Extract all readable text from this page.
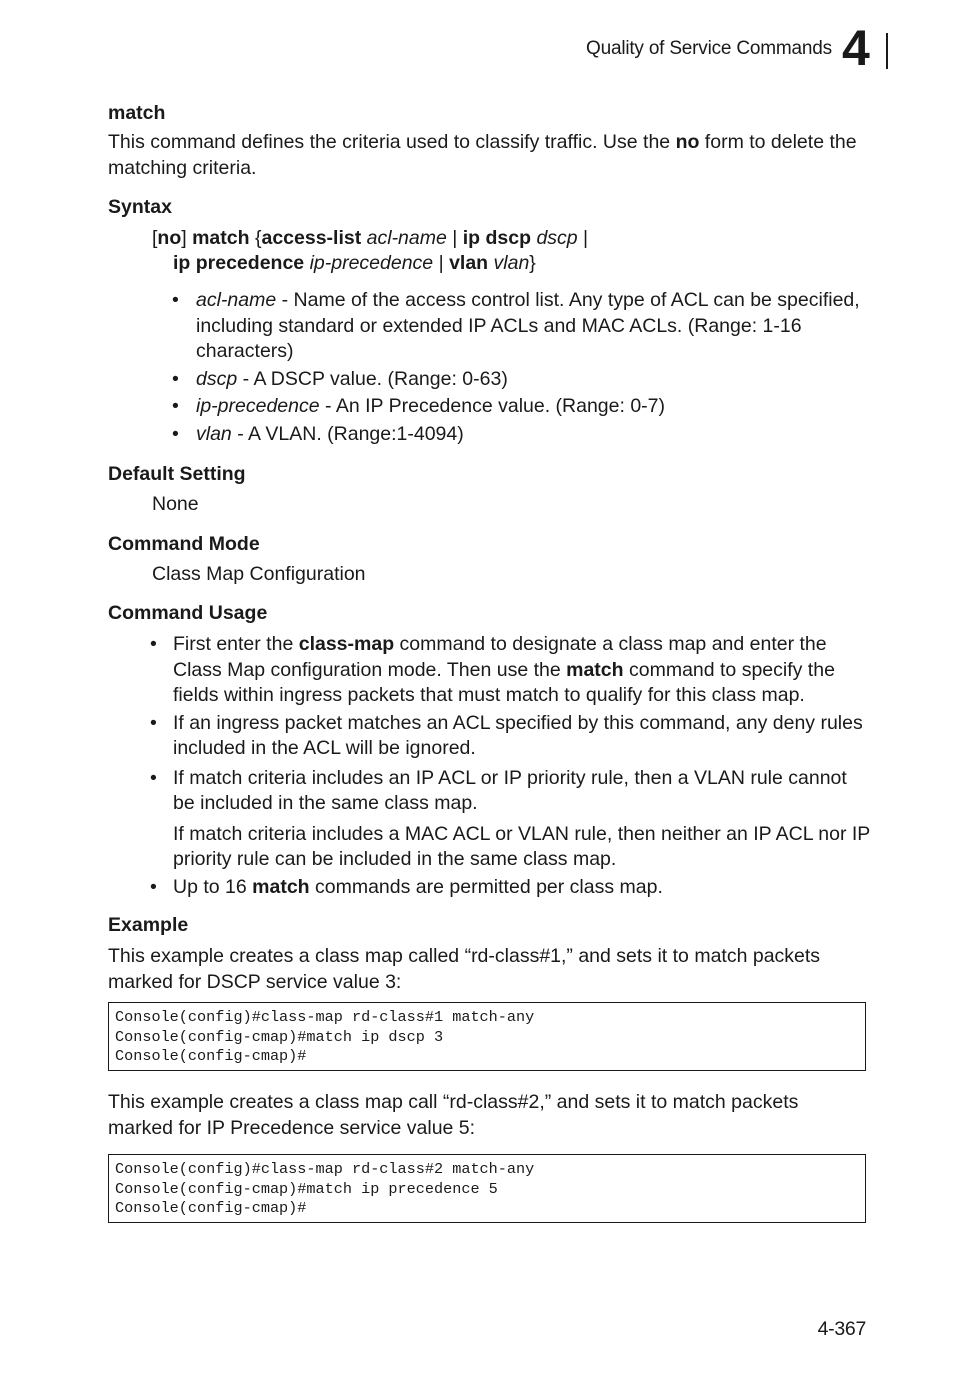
Quality of Service Commands 4
match

This command defines the criteria used to classify traffic. Use the no form to delete the matching criteria.

Syntax

[no] match {access-list acl-name | ip dscp dscp |

ip precedence ip-precedence | vlan vlan}

• acl-name - Name of the access control list. Any type of ACL can be specified, including standard or extended IP ACLs and MAC ACLs. (Range: 1-16 characters)
• dscp - A DSCP value. (Range: 0-63)
• ip-precedence - An IP Precedence value. (Range: 0-7)
• vlan - A VLAN. (Range:1-4094)
Default Setting

None

Command Mode

Class Map Configuration

Command Usage
• First enter the class-map command to designate a class map and enter the Class Map configuration mode. Then use the match command to specify the fields within ingress packets that must match to qualify for this class map.
• If an ingress packet matches an ACL specified by this command, any deny rules included in the ACL will be ignored.
• If match criteria includes an IP ACL or IP priority rule, then a VLAN rule cannot be included in the same class map.
If match criteria includes a MAC ACL or VLAN rule, then neither an IP ACL nor IP priority rule can be included in the same class map.
• Up to 16 match commands are permitted per class map.
Example

This example creates a class map called “rd-class#1,” and sets it to match packets marked for DSCP service value 3:

Console(config)#class-map rd-class#1 match-any
Console(config-cmap)#match ip dscp 3
Console(config-cmap)#

This example creates a class map call “rd-class#2,” and sets it to match packets marked for IP Precedence service value 5:

Console(config)#class-map rd-class#2 match-any
Console(config-cmap)#match ip precedence 5
Console(config-cmap)#
4-367
